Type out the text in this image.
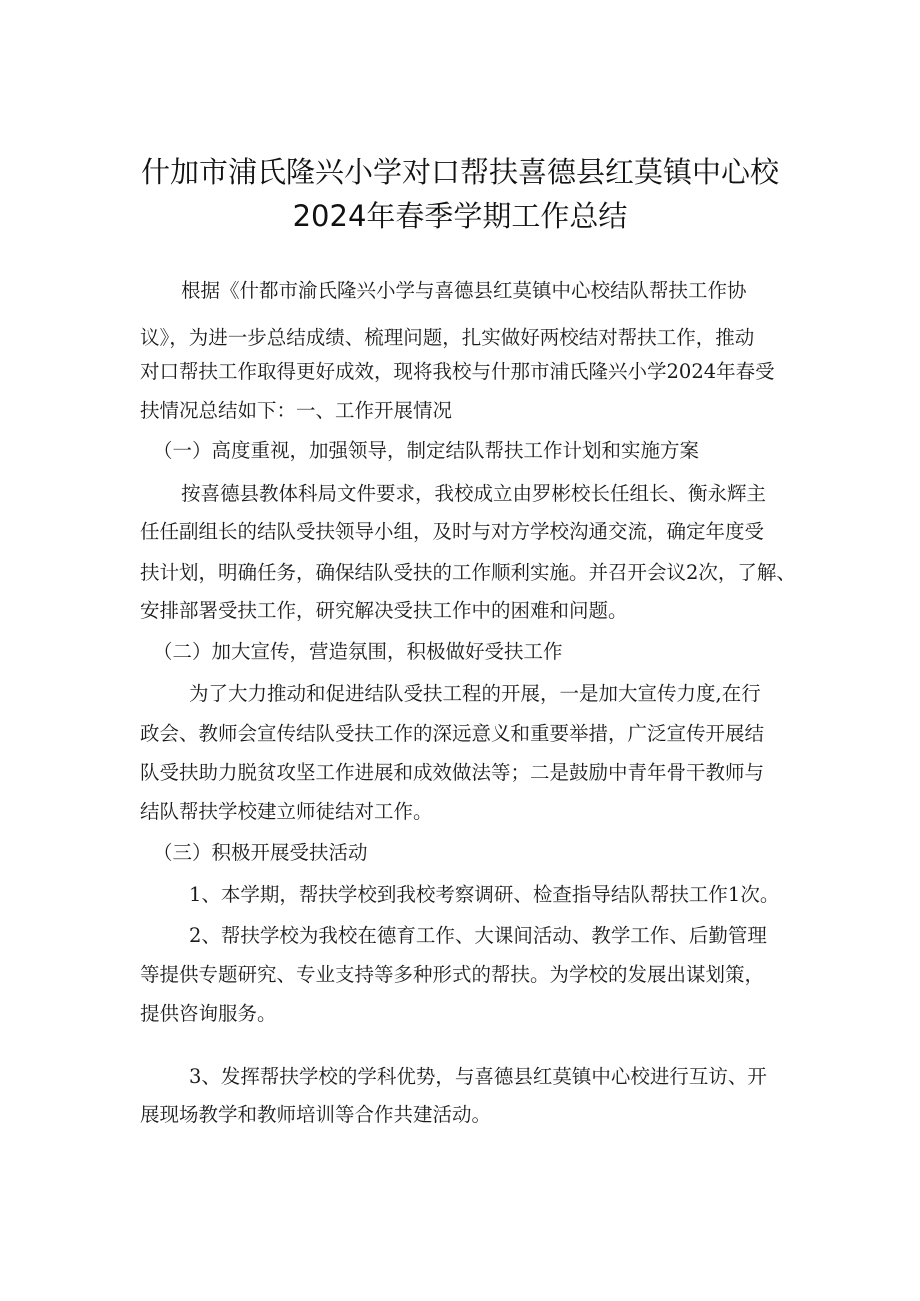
什加市浦氏隆兴小学对口帮扶喜德县红莫镇中心校
2024年春季学期工作总结
根据《什都市渝氏隆兴小学与喜德县红莫镇中心校结队帮扶工作协
议》，为进一步总结成绩、梳理问题，扎实做好两校结对帮扶工作，推动
对口帮扶工作取得更好成效，现将我校与什那市浦氏隆兴小学2024年春受
扶情况总结如下：一、工作开展情况
（一）高度重视，加强领导，制定结队帮扶工作计划和实施方案
按喜德县教体科局文件要求，我校成立由罗彬校长任组长、衡永辉主
任任副组长的结队受扶领导小组，及时与对方学校沟通交流，确定年度受
扶计划，明确任务，确保结队受扶的工作顺利实施。并召开会议2次，了解、
安排部署受扶工作，研究解决受扶工作中的困难和问题。
（二）加大宣传，营造氛围，积极做好受扶工作
为了大力推动和促进结队受扶工程的开展，一是加大宣传力度,在行
政会、教师会宣传结队受扶工作的深远意义和重要举措，广泛宣传开展结
队受扶助力脱贫攻坚工作进展和成效做法等；二是鼓励中青年骨干教师与
结队帮扶学校建立师徒结对工作。
（三）积极开展受扶活动
1、本学期，帮扶学校到我校考察调研、检查指导结队帮扶工作1次。
2、帮扶学校为我校在德育工作、大课间活动、教学工作、后勤管理
等提供专题研究、专业支持等多种形式的帮扶。为学校的发展出谋划策，
提供咨询服务。
3、发挥帮扶学校的学科优势，与喜德县红莫镇中心校进行互访、开
展现场教学和教师培训等合作共建活动。
